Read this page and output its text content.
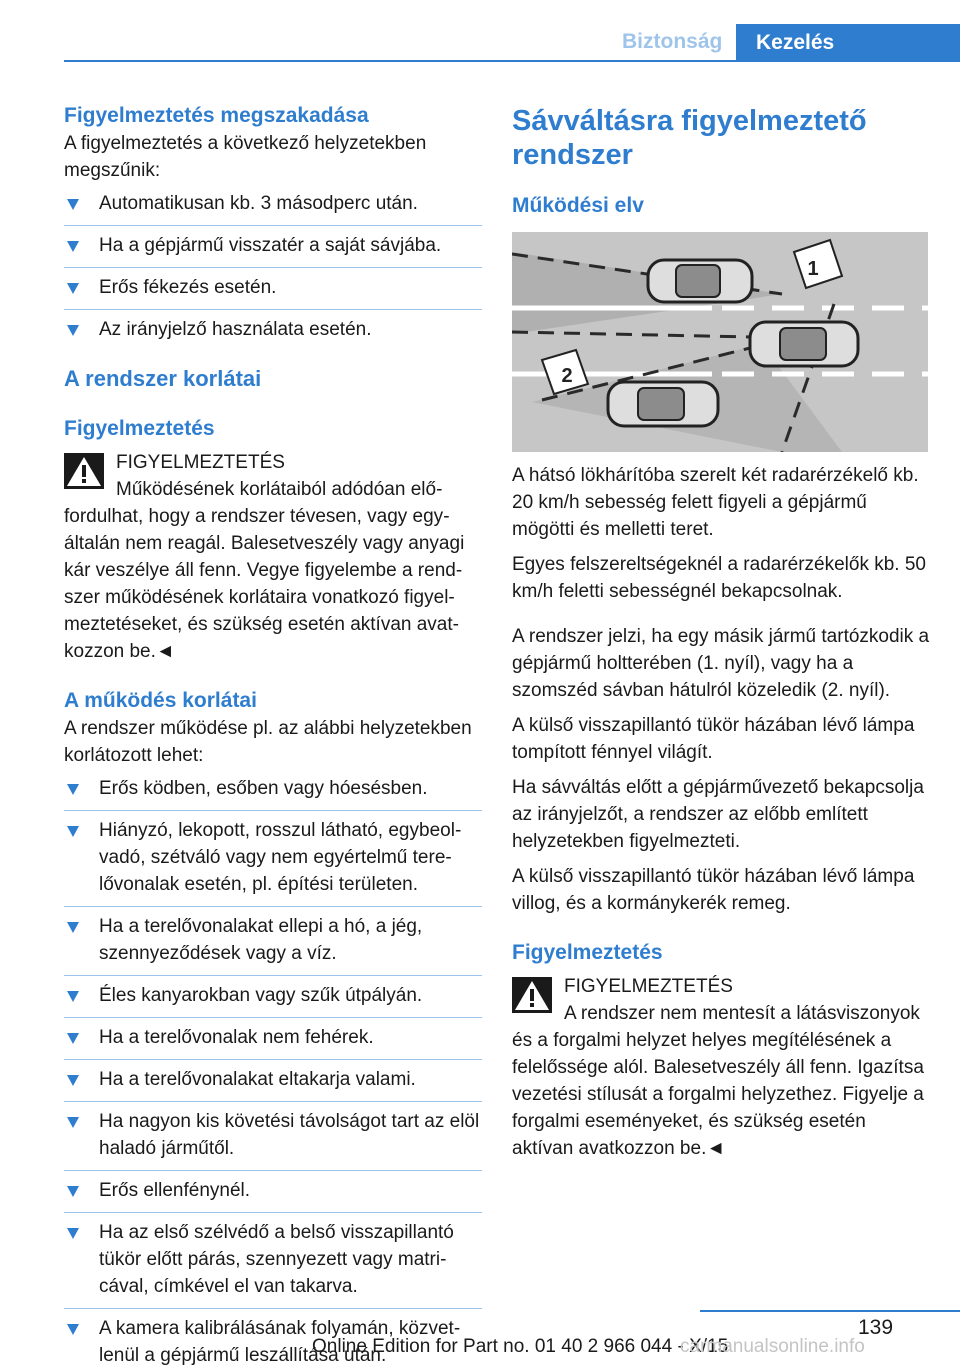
Biztonság	Kezelés
Figyelmeztetés megszakadása

A figyelmeztetés a következő helyzetekben megszűnik:

Automatikusan kb. 3 másodperc után.
Ha a gépjármű visszatér a saját sávjába.
Erős fékezés esetén.
Az irányjelző használata esetén.
A rendszer korlátai
Figyelmeztetés
FIGYELMEZTETÉS
Működésének korlátaiból adódóan előfordulhat, hogy a rendszer tévesen, vagy egyáltalán nem reagál. Balesetveszély vagy anyagi kár veszélye áll fenn. Vegye figyelembe a rendszer működésének korlátaira vonatkozó figyelmeztetéseket, és szükség esetén aktívan avatkozzon be.◄
A működés korlátai

A rendszer működése pl. az alábbi helyzetekben korlátozott lehet:

Erős ködben, esőben vagy hóesésben.
Hiányzó, lekopott, rosszul látható, egybeolvadó, szétváló vagy nem egyértelmű terelővonalak esetén, pl. építési területen.
Ha a terelővonalakat ellepi a hó, a jég, szennyeződések vagy a víz.
Éles kanyarokban vagy szűk útpályán.
Ha a terelővonalak nem fehérek.
Ha a terelővonalakat eltakarja valami.
Ha nagyon kis követési távolságot tart az elöl haladó járműtől.
Erős ellenfénynél.
Ha az első szélvédő a belső visszapillantó tükör előtt párás, szennyezett vagy matricával, címkével el van takarva.
A kamera kalibrálásának folyamán, közvetlenül a gépjármű leszállítása után.
Sávváltásra figyelmeztető rendszer
Működési elv
1
2

A hátsó lökhárítóba szerelt két radarérzékelő kb. 20 km/h sebesség felett figyeli a gépjármű mögötti és melletti teret.

Egyes felszereltségeknél a radarérzékelők kb. 50 km/h feletti sebességnél bekapcsolnak.

A rendszer jelzi, ha egy másik jármű tartózkodik a gépjármű holtterében (1. nyíl), vagy ha a szomszéd sávban hátulról közeledik (2. nyíl).

A külső visszapillantó tükör házában lévő lámpa tompított fénnyel világít.

Ha sávváltás előtt a gépjárművezető bekapcsolja az irányjelzőt, a rendszer az előbb említett helyzetekben figyelmezteti.

A külső visszapillantó tükör házában lévő lámpa villog, és a kormánykerék remeg.

Figyelmeztetés
FIGYELMEZTETÉS
A rendszer nem mentesít a látásviszonyok és a forgalmi helyzet helyes megítélésének a felelőssége alól. Balesetveszély áll fenn. Igazítsa vezetési stílusát a forgalmi helyzethez. Figyelje a forgalmi eseményeket, és szükség esetén aktívan avatkozzon be.◄
139
Online Edition for Part no. 01 40 2 966 044 - X/15
carmanualsonline.info
